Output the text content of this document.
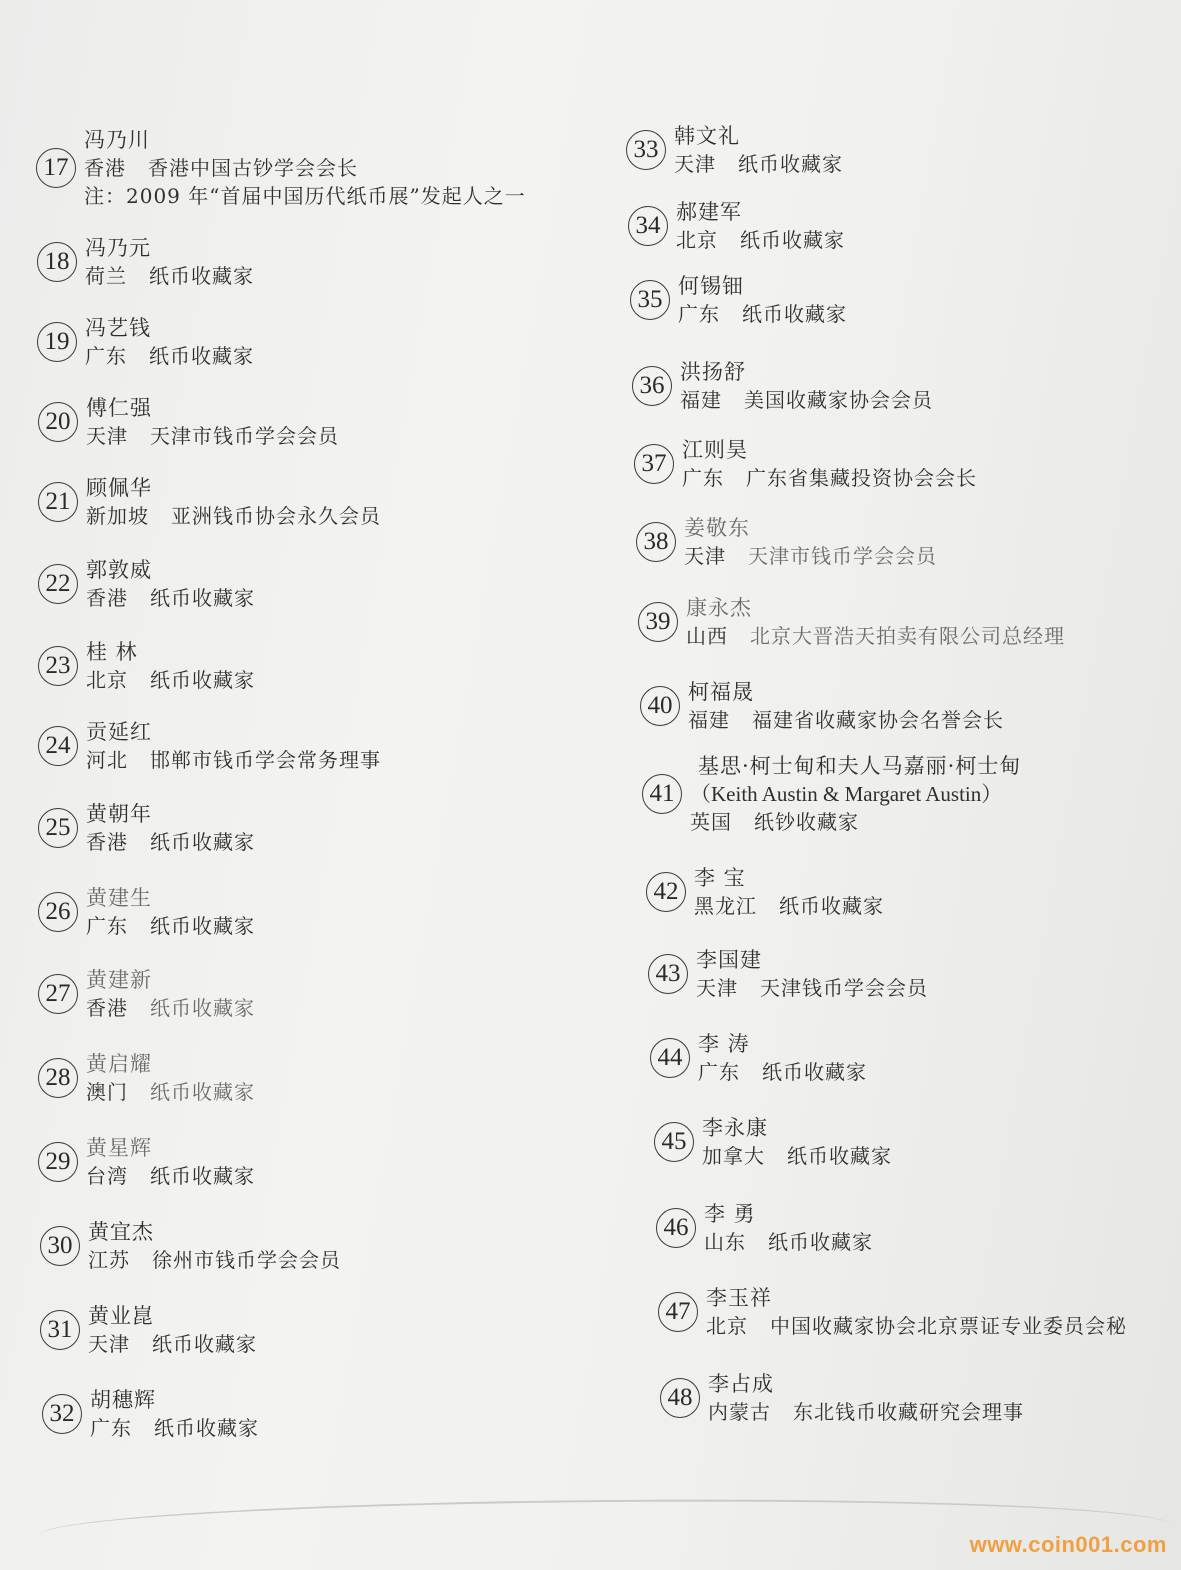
17
冯乃川
香港 香港中国古钞学会会长
注：2009 年“首届中国历代纸币展”发起人之一
18 冯乃元
荷兰 纸币收藏家
19 冯艺钱
广东 纸币收藏家
20 傅仁强
天津 天津市钱币学会会员
21 顾佩华
新加坡 亚洲钱币协会永久会员
22 郭敦威
香港 纸币收藏家
23 桂 林
北京 纸币收藏家
24 贡延红
河北 邯郸市钱币学会常务理事
25 黄朝年
香港 纸币收藏家
26 黄建生
广东 纸币收藏家
27 黄建新
香港 纸币收藏家
28 黄启耀
澳门 纸币收藏家
29 黄星辉
台湾 纸币收藏家
30 黄宜杰
江苏 徐州市钱币学会会员
31 黄业崑
天津 纸币收藏家
32 胡穗辉
广东 纸币收藏家
33 韩文礼
天津 纸币收藏家
34 郝建军
北京 纸币收藏家
35 何锡钿
广东 纸币收藏家
36 洪扬舒
福建 美国收藏家协会会员
37 江则昊
广东 广东省集藏投资协会会长
38 姜敬东
天津 天津市钱币学会会员
39 康永杰
山西 北京大晋浩天拍卖有限公司总经理
40 柯福晟
福建 福建省收藏家协会名誉会长
41
基思·柯士甸和夫人马嘉丽·柯士甸
（Keith Austin & Margaret Austin）
英国 纸钞收藏家
42 李 宝
黑龙江 纸币收藏家
43 李国建
天津 天津钱币学会会员
44 李 涛
广东 纸币收藏家
45 李永康
加拿大 纸币收藏家
46 李 勇
山东 纸币收藏家
47 李玉祥
北京 中国收藏家协会北京票证专业委员会秘
48 李占成
内蒙古 东北钱币收藏研究会理事
www.coin001.com
